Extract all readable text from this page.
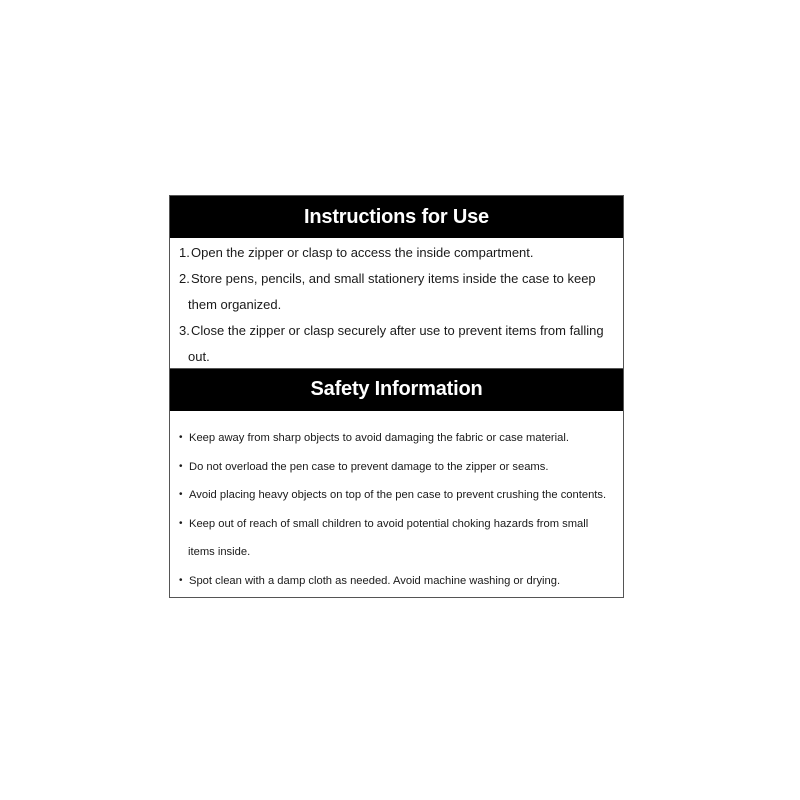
Instructions for Use
1. Open the zipper or clasp to access the inside compartment.
2. Store pens, pencils, and small stationery items inside the case to keep
them organized.
3. Close the zipper or clasp securely after use to prevent items from falling
out.
Safety Information
• Keep away from sharp objects to avoid damaging the fabric or case material.
• Do not overload the pen case to prevent damage to the zipper or seams.
• Avoid placing heavy objects on top of the pen case to prevent crushing the contents.
• Keep out of reach of small children to avoid potential choking hazards from small
items inside.
• Spot clean with a damp cloth as needed. Avoid machine washing or drying.
